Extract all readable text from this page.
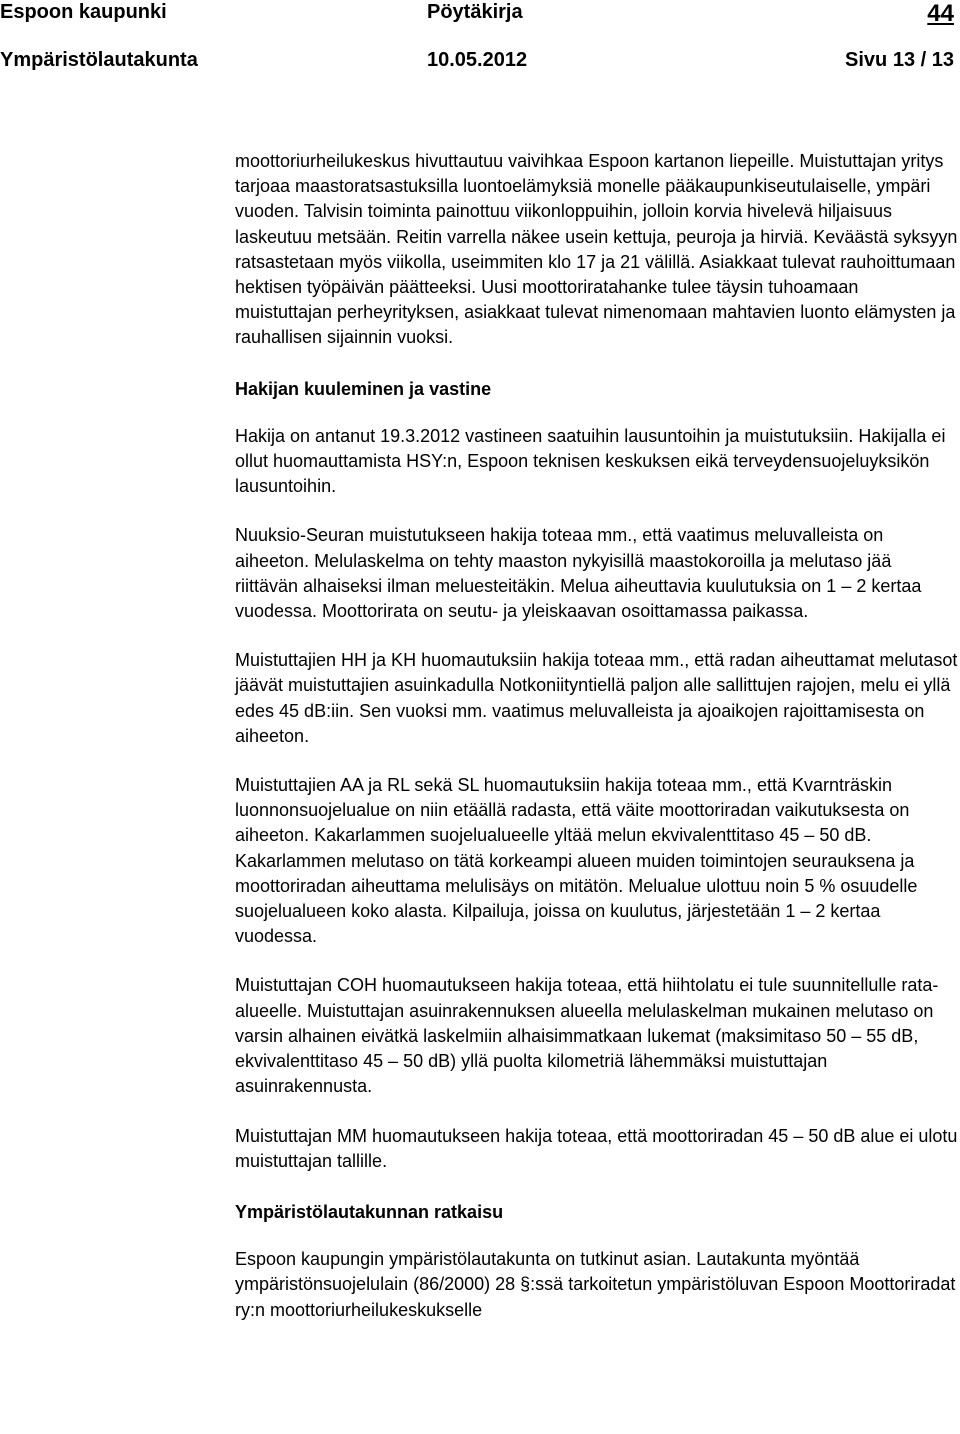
Espoon kaupunki	Pöytäkirja	44
Ympäristölautakunta	10.05.2012	Sivu 13 / 13

moottoriurheilukeskus hivuttautuu vaivihkaa Espoon kartanon liepeille. Muistuttajan yritys tarjoaa maastoratsastuksilla luontoelämyksiä monelle pääkaupunkiseutulaiselle, ympäri vuoden. Talvisin toiminta painottuu viikonloppuihin, jolloin korvia hivelevä hiljaisuus laskeutuu metsään. Reitin varrella näkee usein kettuja, peuroja ja hirviä. Keväästä syksyyn ratsastetaan myös viikolla, useimmiten klo 17 ja 21 välillä. Asiakkaat tulevat rauhoittumaan hektisen työpäivän päätteeksi. Uusi moottoriratahanke tulee täysin tuhoamaan muistuttajan perheyrityksen, asiakkaat tulevat nimenomaan mahtavien luonto elämysten ja rauhallisen sijainnin vuoksi.

Hakijan kuuleminen ja vastine

Hakija on antanut 19.3.2012 vastineen saatuihin lausuntoihin ja muistutuksiin. Hakijalla ei ollut huomauttamista HSY:n, Espoon teknisen keskuksen eikä terveydensuojeluyksikön lausuntoihin.

Nuuksio-Seuran muistutukseen hakija toteaa mm., että vaatimus meluvalleista on aiheeton. Melulaskelma on tehty maaston nykyisillä maastokoroilla ja melutaso jää riittävän alhaiseksi ilman meluesteitäkin. Melua aiheuttavia kuulutuksia on 1 – 2 kertaa vuodessa. Moottorirata on seutu- ja yleiskaavan osoittamassa paikassa.

Muistuttajien HH ja KH huomautuksiin hakija toteaa mm., että radan aiheuttamat melutasot jäävät muistuttajien asuinkadulla Notkoniityntiellä paljon alle sallittujen rajojen, melu ei yllä edes 45 dB:iin. Sen vuoksi mm. vaatimus meluvalleista ja ajoaikojen rajoittamisesta on aiheeton.

Muistuttajien AA ja RL sekä SL huomautuksiin hakija toteaa mm., että Kvarnträskin luonnonsuojelualue on niin etäällä radasta, että väite moottoriradan vaikutuksesta on aiheeton. Kakarlammen suojelualueelle yltää melun ekvivalenttitaso 45 – 50 dB. Kakarlammen melutaso on tätä korkeampi alueen muiden toimintojen seurauksena ja moottoriradan aiheuttama melulisäys on mitätön. Melualue ulottuu noin 5 % osuudelle suojelualueen koko alasta. Kilpailuja, joissa on kuulutus, järjestetään 1 – 2 kertaa vuodessa.

Muistuttajan COH huomautukseen hakija toteaa, että hiihtolatu ei tule suunnitellulle rata-alueelle. Muistuttajan asuinrakennuksen alueella melulaskelman mukainen melutaso on varsin alhainen eivätkä laskelmiin alhaisimmatkaan lukemat (maksimitaso 50 – 55 dB, ekvivalenttitaso 45 – 50 dB) yllä puolta kilometriä lähemmäksi muistuttajan asuinrakennusta.

Muistuttajan MM huomautukseen hakija toteaa, että moottoriradan 45 – 50 dB alue ei ulotu muistuttajan tallille.

Ympäristölautakunnan ratkaisu

Espoon kaupungin ympäristölautakunta on tutkinut asian. Lautakunta myöntää ympäristönsuojelulain (86/2000) 28 §:ssä tarkoitetun ympäristöluvan Espoon Moottoriradat ry:n moottoriurheilukeskukselle
